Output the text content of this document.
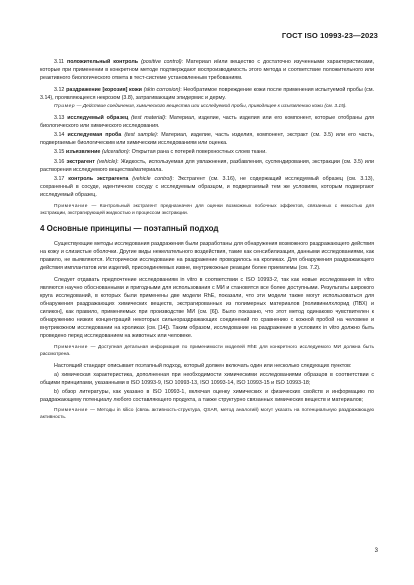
ГОСТ ISO 10993-23—2023

3.11 положительный контроль (positive control): Материал и/или вещество с достаточно изученными характеристиками, которые при применении в конкретном методе подтверждают воспроизводимость этого метода и соответствие положительного или реактивного биологического ответа в тест-системе установленным требованиям.

3.12 раздражение [корозия] кожи (skin corrosion): Необратимое повреждение кожи после применения испытуемой пробы (см. 3.14), проявляющееся некрозом (3.8), затрагивающим эпидермис и дерму.

Пример — Действие соединения, химического вещества или исследуемой пробы, приводящее к изъязвлению кожи (см. 3.15).

3.13 исследуемый образец (test material): Материал, изделие, часть изделия или его компонент, которые отобраны для биологического или химического исследования.

3.14 исследуемая проба (test sample): Материал, изделие, часть изделия, компонент, экстракт (см. 3.5) или его часть, подвергаемые биологическим или химическим исследованиям или оценка.

3.15 изъязвление (ulceration): Открытая рана с потерей поверхностных слоев ткани.

3.16 экстрагент (vehicle): Жидкость, используемая для увлажнения, разбавления, суспендирования, экстракции (см. 3.5) или растворения исследуемого вещества/материала.

3.17 контроль экстрагента (vehicle control): Экстрагент (см. 3.16), не содержащий исследуемый образец (см. 3.13), сохраненный в сосуде, идентичном сосуду с исследуемым образцом, и подвергаемый тем же условиям, которым подвергают исследуемый образец.

Примечание — Контрольный экстрагент предназначен для оценки возможных побочных эффектов, связанных с емкостью для экстракции, экстрагирующей жидкостью и процессом экстракции.

4 Основные принципы — поэтапный подход

Существующие методы исследования раздражения были разработаны для обнаружения возможного раздражающего действия на кожу и слизистые оболочки. Другие виды нежелательного воздействия, такие как сенсибилизация, данными исследованиями, как правило, не выявляются. Исторически исследование на раздражение проводилось на кроликах. Для обнаружения раздражающего действия имплантатов или изделий, присоединяемых извне, внутрикожные реакции более приемлемы (см. 7.2).

Следует отдавать предпочтение исследованиям in vitro в соответствии с ISO 10993-2, так как новые исследования in vitro являются научно обоснованными и пригодными для использования с МИ и становятся все более доступными. Результаты широкого круга исследований, в которых были применены две модели RhE, показали, что эти модели также могут использоваться для обнаружения раздражающих химических веществ, экстрагированных из полимерных материалов [поливинилхлорид (ПВХ) и силикон], как правило, применяемых при производстве МИ (см. [6]). Было показано, что этот метод одинаково чувствителен к обнаружению низких концентраций некоторых сильнораздражающих соединений по сравнению с кожной пробой на человеке и внутрикожном исследовании на кроликах (см. [14]). Таким образом, исследование на раздражение в условиях in vitro должно быть проведено перед исследованием на животных или человеке.

Примечание — Доступная детальная информация по применимости моделей RhE для конкретного исследуемого МИ должна быть рассмотрена.

Настоящий стандарт описывает поэтапный подход, который должен включать один или несколько следующих пунктов:

а) химическая характеристика, дополненная при необходимости химическими исследованиями образцов в соответствии с общими принципами, указанными в ISO 10993-9, ISO 10993-13, ISO 10993-14, ISO 10993-15 и ISO 10993-18;

b) обзор литературы, как указано в ISO 10993-1, включая оценку химических и физических свойств и информацию по раздражающему потенциалу любого составляющего продукта, а также структурно связанных химических веществ и материалов;

Примечание — Методы in silico (связь активность-структура, QSAR, метод аналогий) могут указать на потенциальную раздражающую активность.

3
